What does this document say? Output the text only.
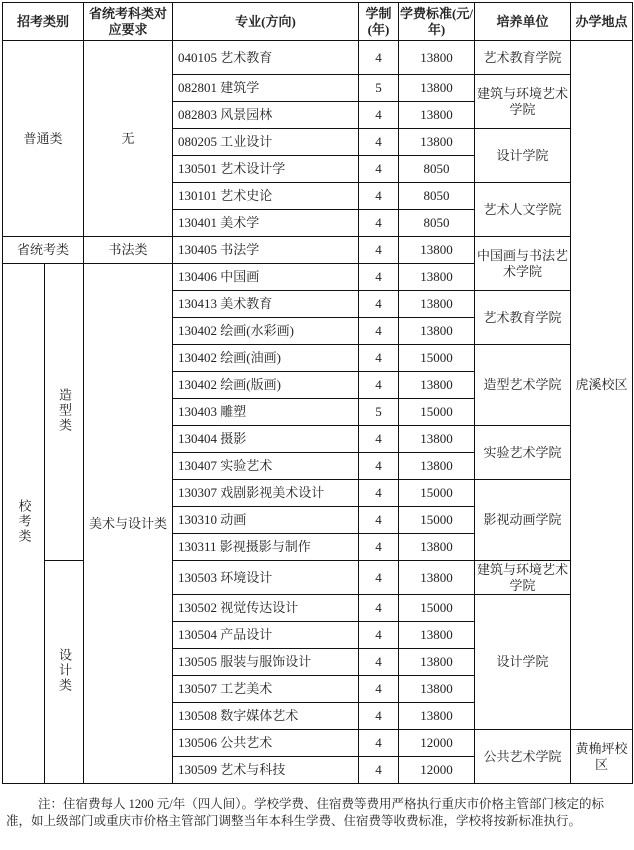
招考类别		省统考科类对应要求	专业(方向)	学制(年)	学费标准(元/年)	培养单位	办学地点
普通类		无	040105 艺术教育	4	13800	艺术教育学院	虎溪校区
			082801 建筑学	5	13800	建筑与环境艺术学院	
			082803 风景园林	4	13800		
			080205 工业设计	4	13800	设计学院	
			130501 艺术设计学	4	8050		
			130101 艺术史论	4	8050	艺术人文学院	
			130401 美术学	4	8050		
省统考类		书法类	130405 书法学	4	13800	中国画与书法艺术学院	
校考类	造型类	美术与设计类	130406 中国画	4	13800		
			130413 美术教育	4	13800	艺术教育学院	
			130402 绘画(水彩画)	4	13800		
			130402 绘画(油画)	4	15000	造型艺术学院	
			130402 绘画(版画)	4	13800		
			130403 雕塑	5	15000		
			130404 摄影	4	13800	实验艺术学院	
			130407 实验艺术	4	13800		
			130307 戏剧影视美术设计	4	15000	影视动画学院	
			130310 动画	4	15000		
			130311 影视摄影与制作	4	13800		
	设计类		130503 环境设计	4	13800	建筑与环境艺术学院	
			130502 视觉传达设计	4	15000	设计学院	
			130504 产品设计	4	13800		
			130505 服装与服饰设计	4	13800		
			130507 工艺美术	4	13800		
			130508 数字媒体艺术	4	13800		
			130506 公共艺术	4	12000	公共艺术学院	黄桷坪校区
			130509 艺术与科技	4	12000		
注：住宿费每人 1200 元/年（四人间）。学校学费、住宿费等费用严格执行重庆市价格主管部门核定的标准，如上级部门或重庆市价格主管部门调整当年本科生学费、住宿费等收费标准，学校将按新标准执行。
